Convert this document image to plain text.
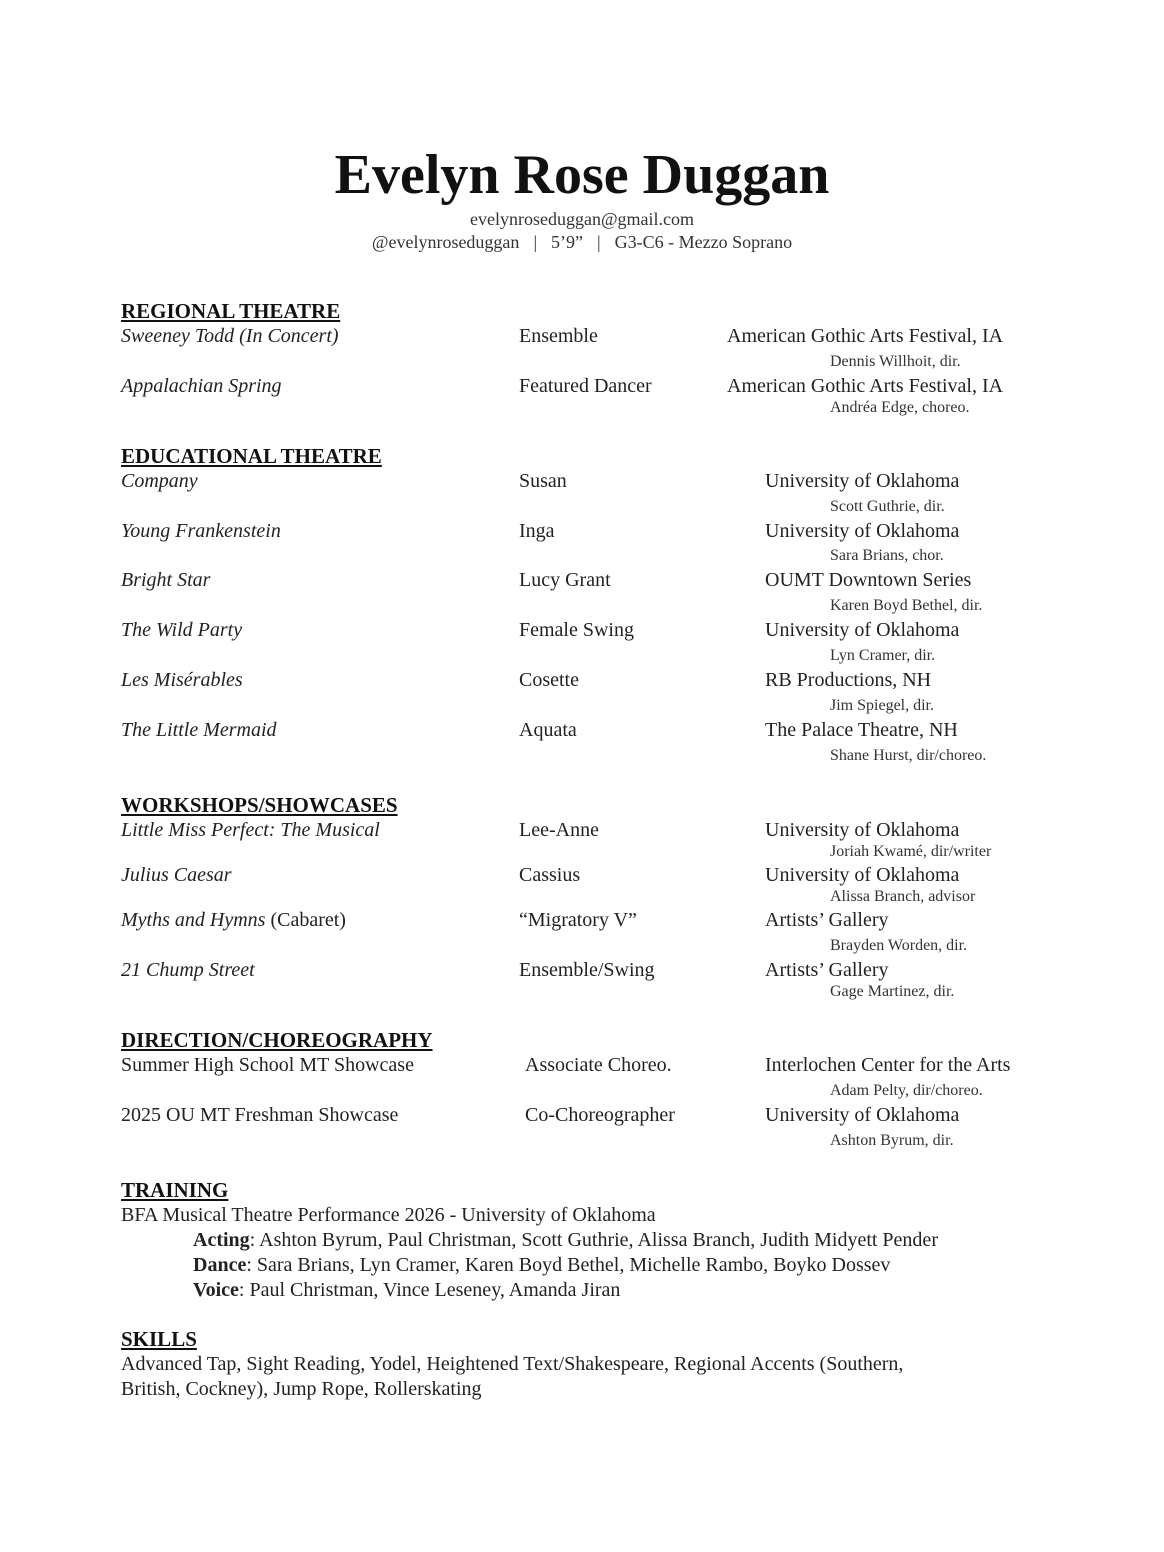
Evelyn Rose Duggan
evelynroseduggan@gmail.com
@evelynroseduggan | 5’9” | G3-C6 - Mezzo Soprano
REGIONAL THEATRE
Sweeney Todd (In Concert)	Ensemble	American Gothic Arts Festival, IA
Dennis Willhoit, dir.
Appalachian Spring	Featured Dancer	American Gothic Arts Festival, IA
Andréa Edge, choreo.
EDUCATIONAL THEATRE
Company	Susan	University of Oklahoma
Scott Guthrie, dir.
Young Frankenstein	Inga	University of Oklahoma
Sara Brians, chor.
Bright Star	Lucy Grant	OUMT Downtown Series
Karen Boyd Bethel, dir.
The Wild Party	Female Swing	University of Oklahoma
Lyn Cramer, dir.
Les Misérables	Cosette	RB Productions, NH
Jim Spiegel, dir.
The Little Mermaid	Aquata	The Palace Theatre, NH
Shane Hurst, dir/choreo.
WORKSHOPS/SHOWCASES
Little Miss Perfect: The Musical	Lee-Anne	University of Oklahoma
Joriah Kwamé, dir/writer
Julius Caesar	Cassius	University of Oklahoma
Alissa Branch, advisor
Myths and Hymns (Cabaret)	“Migratory V”	Artists’ Gallery
Brayden Worden, dir.
21 Chump Street	Ensemble/Swing	Artists’ Gallery
Gage Martinez, dir.
DIRECTION/CHOREOGRAPHY
Summer High School MT Showcase	Associate Choreo.	Interlochen Center for the Arts
Adam Pelty, dir/choreo.
2025 OU MT Freshman Showcase	Co-Choreographer	University of Oklahoma
Ashton Byrum, dir.
TRAINING
BFA Musical Theatre Performance 2026 - University of Oklahoma
Acting: Ashton Byrum, Paul Christman, Scott Guthrie, Alissa Branch, Judith Midyett Pender
Dance: Sara Brians, Lyn Cramer, Karen Boyd Bethel, Michelle Rambo, Boyko Dossev
Voice: Paul Christman, Vince Leseney, Amanda Jiran
SKILLS
Advanced Tap, Sight Reading, Yodel, Heightened Text/Shakespeare, Regional Accents (Southern,
British, Cockney), Jump Rope, Rollerskating
